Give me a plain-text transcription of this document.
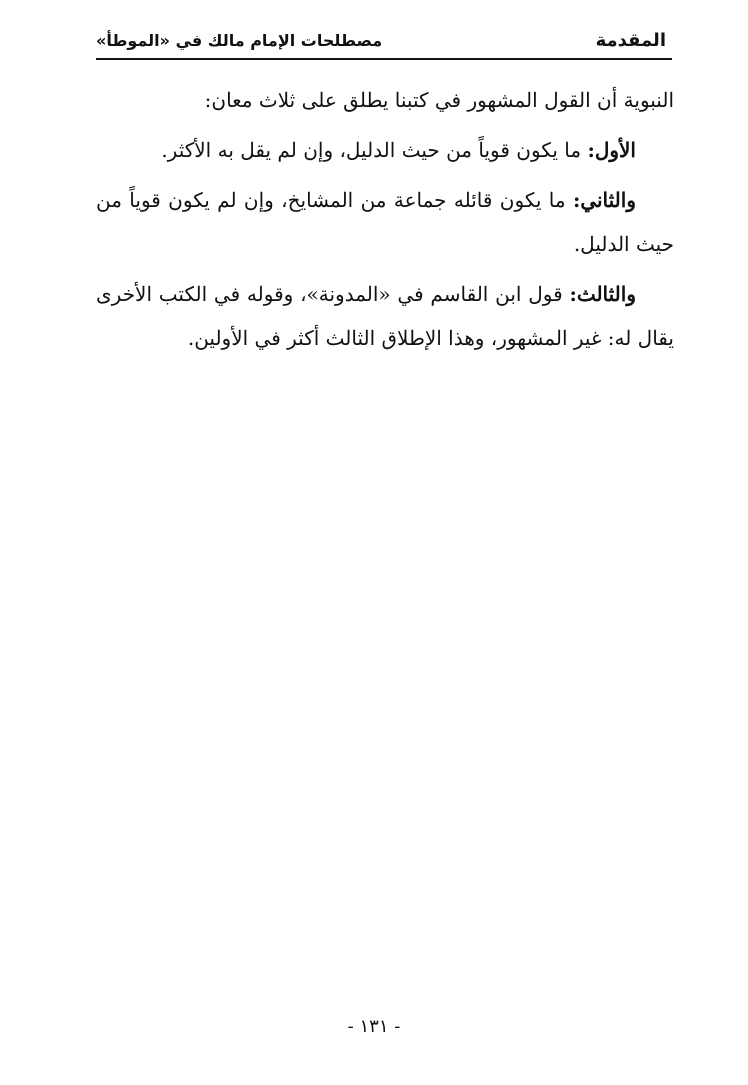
المقدمة
مصطلحات الإمام مالك في «الموطأ»

النبوية أن القول المشهور في كتبنا يطلق على ثلاث معان:

الأول: ما يكون قوياً من حيث الدليل، وإن لم يقل به الأكثر.

والثاني: ما يكون قائله جماعة من المشايخ، وإن لم يكون قوياً من حيث الدليل.

والثالث: قول ابن القاسم في «المدونة»، وقوله في الكتب الأخرى يقال له: غير المشهور، وهذا الإطلاق الثالث أكثر في الأولين.

- ١٣١ -
